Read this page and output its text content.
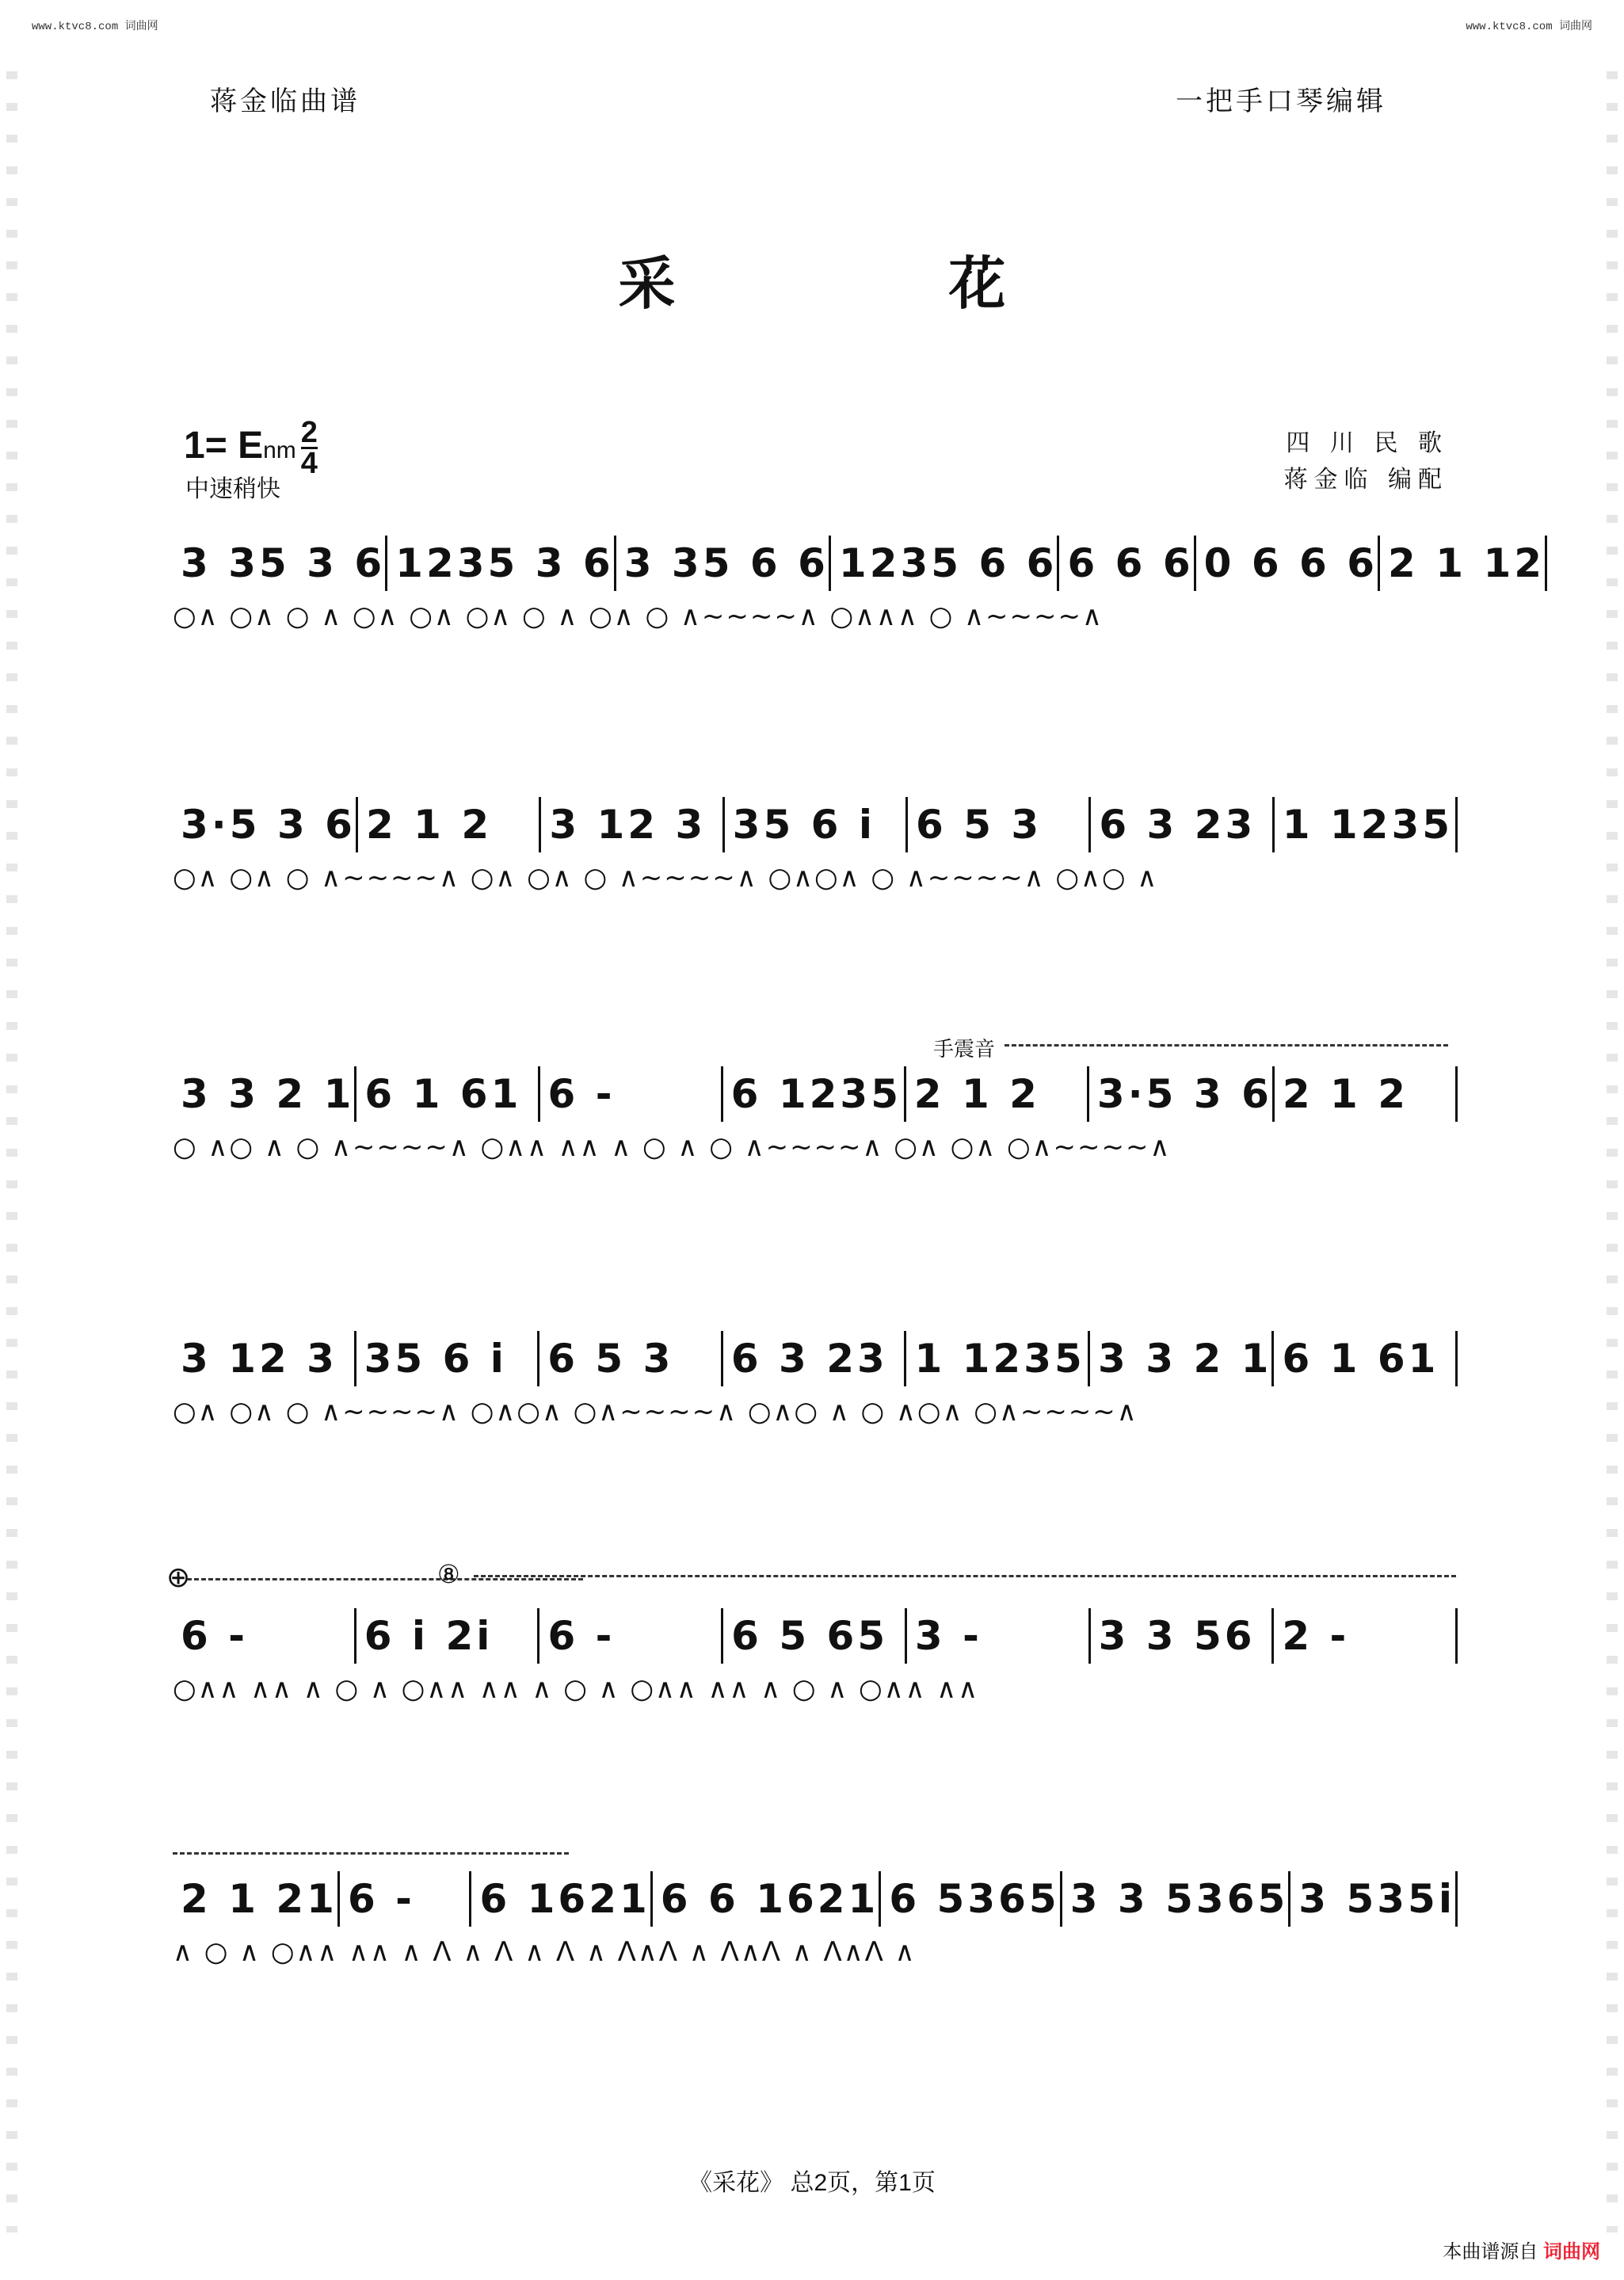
www.ktvc8.com 词曲网	www.ktvc8.com 词曲网
蒋金临曲谱	一把手口琴编辑
采 花
1= Enm $\frac{2}{4}$
中速稍快
四 川 民 歌
蒋金临 编配
3 35 3 6 1235 3 6 3 35 6 6 1235 6 6 6 6 6 0 6 6 6 2 1 12
○∧ ○∧ ○ ∧ ○∧ ○∧ ○∧ ○ ∧ ○∧ ○ ∧~~~~∧ ○∧∧∧ ○ ∧~~~~∧
3·5 3 6 2 1 2	3 12 3 35 6 i	6 5 3	6 3 23 1 1235
○∧ ○∧ ○ ∧~~~~∧ ○∧ ○∧ ○ ∧~~~~∧ ○∧○∧ ○ ∧~~~~∧ ○∧○ ∧
手震音
3 3 2 1 6 1 61 6 -	6 1235 2 1 2	3·5 3 6 2 1 2
○ ∧○ ∧ ○ ∧~~~~∧ ○∧∧ ∧∧ ∧ ○ ∧ ○ ∧~~~~∧ ○∧ ○∧ ○∧~~~~∧
3 12 3 35 6 i	6 5 3	6 3 23 1 1235 3 3 2 1 6 1 61
○∧ ○∧ ○ ∧~~~~∧ ○∧○∧ ○∧~~~~∧ ○∧○ ∧ ○ ∧○∧ ○∧~~~~∧
⊕	⑧
6 -	6 i 2i	6 -	6 5 65 3 -	3 3 56 2 -
○∧∧ ∧∧ ∧ ○ ∧ ○∧∧ ∧∧ ∧ ○ ∧ ○∧∧ ∧∧ ∧ ○ ∧ ○∧∧ ∧∧
2 1 21 6 -	6 1621 6 6 1621 6 5365 3 3 5365 3 535i
∧ ○ ∧ ○∧∧ ∧∧ ∧ Λ ∧ Λ ∧ Λ ∧ Λ∧Λ ∧ Λ∧Λ ∧ Λ∧Λ ∧
《采花》 总2页，第1页
本曲谱源自 词曲网
